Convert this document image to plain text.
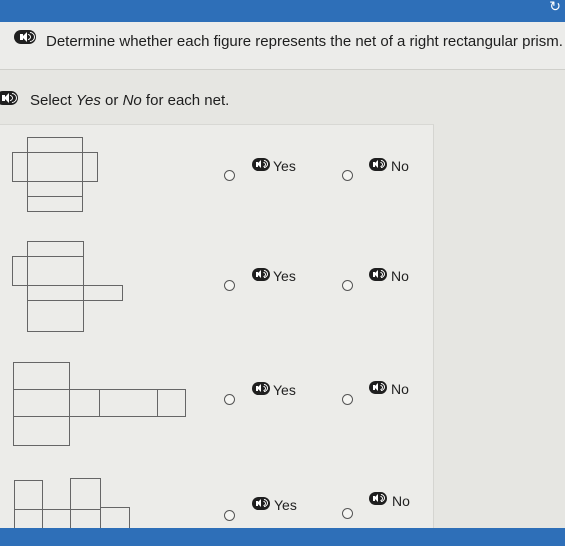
↻
Determine whether each figure represents the net of a right rectangular prism.
Select Yes or No for each net.
Yes	No
Yes	No
Yes	No
Yes	No
